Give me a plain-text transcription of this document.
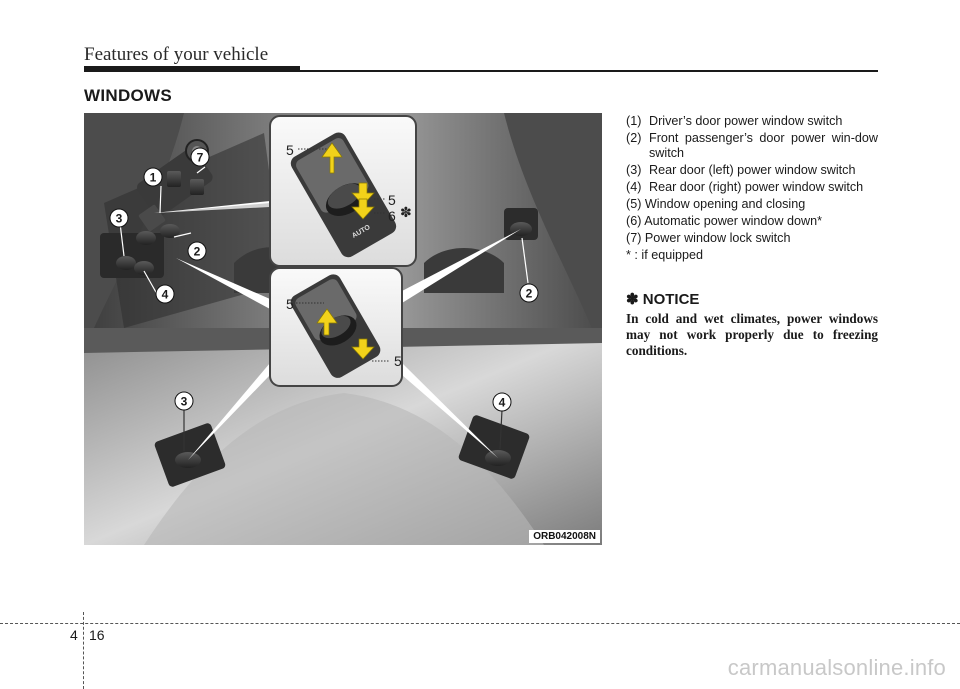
Features of your vehicle
WINDOWS
AUTO
5
5
6 ✽
5
5
1
2
3
4
7
2
3	4
ORB042008N
(1) Driver’s door power window switch
(2) Front passenger’s door power win-dow switch
(3) Rear door (left) power window switch
(4) Rear door (right) power window switch
(5) Window opening and closing
(6) Automatic power window down*
(7) Power window lock switch
* : if equipped
✽ NOTICE
In cold and wet climates, power windows may not work properly due to freezing conditions.
4 16
carmanualsonline.info
